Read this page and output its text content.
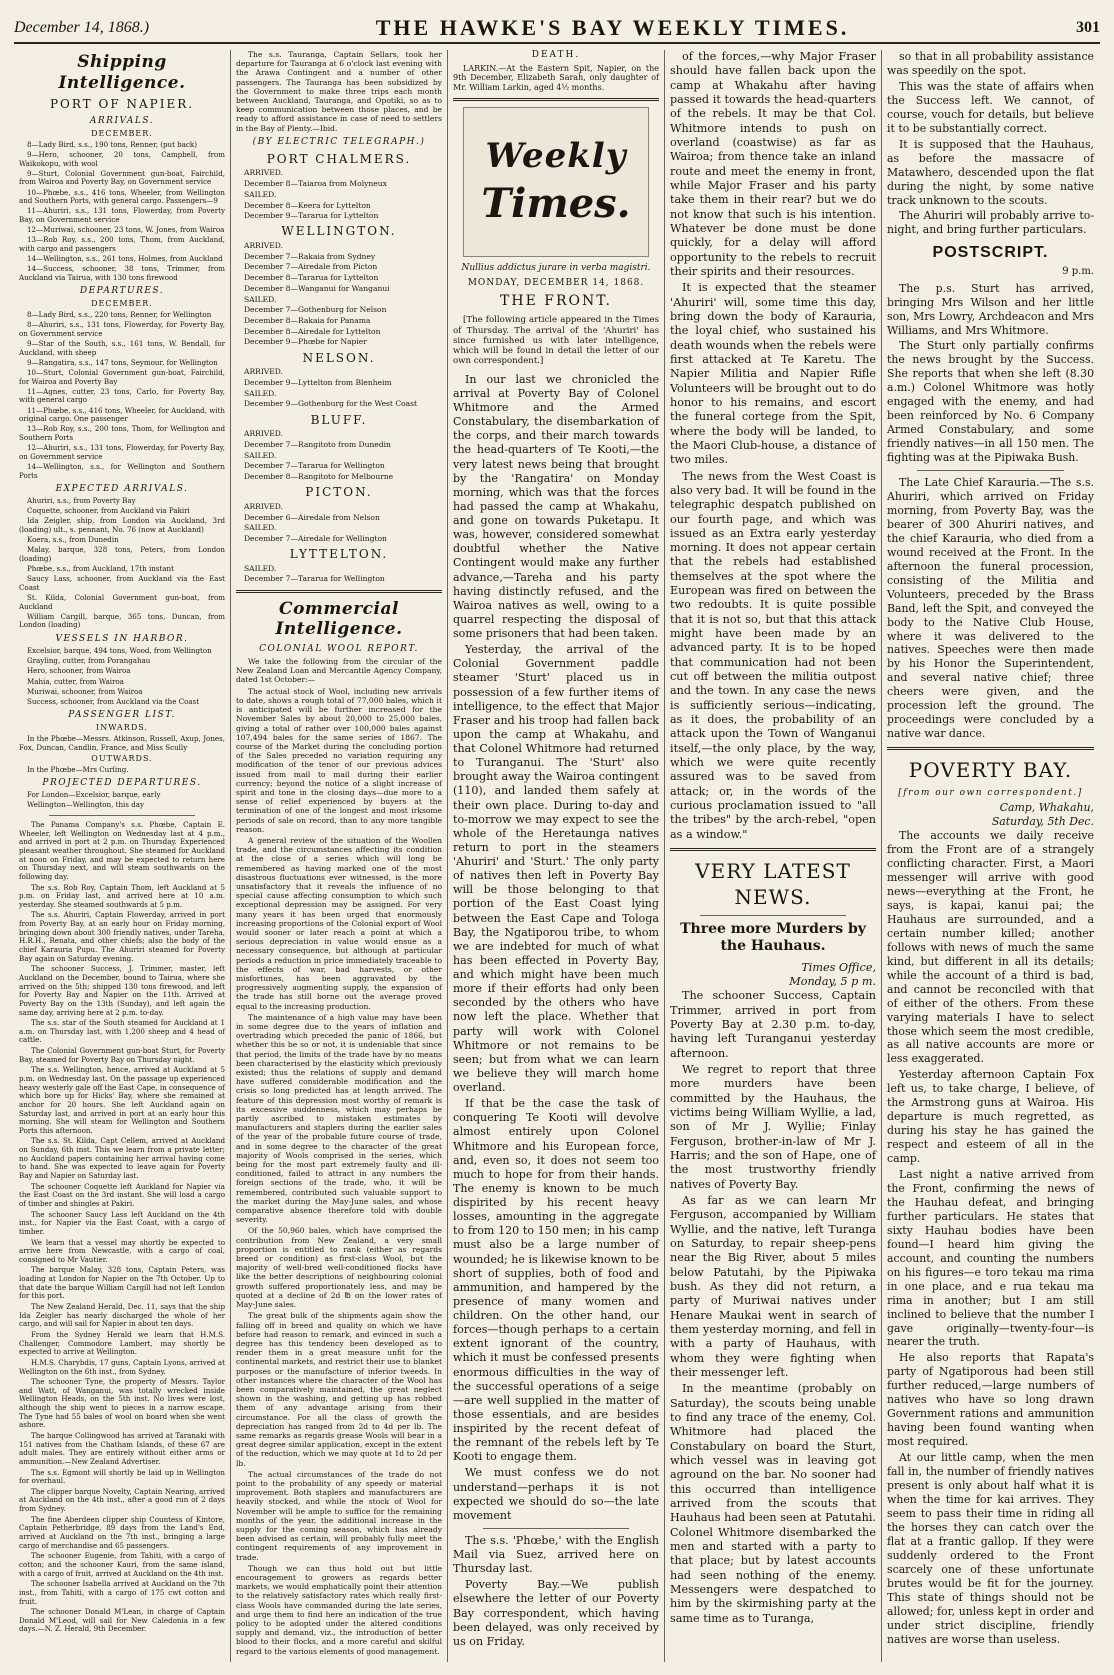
December 14, 1868.)	THE HAWKE'S BAY WEEKLY TIMES.	301
Shipping Intelligence.
PORT OF NAPIER.
ARRIVALS.
DECEMBER.

8—Lady Bird, s.s., 190 tons, Renner, (put back)

9—Hero, schooner, 20 tons, Campbell, from Waikokopu, with wool

9—Sturt, Colonial Government gun-boat, Fairchild, from Wairoa and Poverty Bay, on Government service

10—Phœbe, s.s., 416 tons, Wheeler, from Wellington and Southern Ports, with general cargo. Passengers—9

11—Ahuriri, s.s., 131 tons, Flowerday, from Poverty Bay, on Government service

12—Muriwai, schooner, 23 tons, W. Jones, from Wairoa

13—Rob Roy, s.s., 200 tons, Thom, from Auckland, with cargo and passengers

14—Wellington, s.s., 261 tons, Holmes, from Auckland

14—Success, schooner, 38 tons, Trimmer, from Auckland via Tairua, with 130 tons firewood

DEPARTURES.
DECEMBER.

8—Lady Bird, s.s., 220 tons, Renner, for Wellington

8—Ahuriri, s.s., 131 tons, Flowerday, for Poverty Bay, on Government service

9—Star of the South, s.s., 161 tons, W. Bendall, for Auckland, with sheep

9—Rangatira, s.s., 147 tons, Seymour, for Wellington

10—Sturt, Colonial Government gun-boat, Fairchild, for Wairoa and Poverty Bay

11—Agnes, cutter, 23 tons, Carlo, for Poverty Bay, with general cargo

11—Phœbe, s.s., 416 tons, Wheeler, for Auckland, with original cargo. One passenger

13—Rob Roy, s.s., 200 tons, Thom, for Wellington and Southern Ports

12—Ahuriri, s.s., 131 tons, Flowerday, for Poverty Bay, on Government service

14—Wellington, s.s., for Wellington and Southern Ports

EXPECTED ARRIVALS.

Ahuriri, s.s., from Poverty Bay

Coquette, schooner, from Auckland via Pakiri

Ida Zeigler, ship, from London via Auckland, 3rd (loading) ult., s. pennant, No. 76 (now at Auckland)

Koera, s.s., from Dunedin

Malay, barque, 328 tons, Peters, from London (loading)

Phœbe, s.s., from Auckland, 17th instant

Saucy Lass, schooner, from Auckland via the East Coast

St. Kilda, Colonial Government gun-boat, from Auckland

William Cargill, barque, 365 tons, Duncan, from London (loading)

VESSELS IN HARBOR.

Excelsior, barque, 494 tons, Wood, from Wellington

Grayling, cutter, from Porangahau

Hero, schooner, from Wairoa

Mahia, cutter, from Wairoa

Muriwai, schooner, from Wairoa

Success, schooner, from Auckland via the Coast

PASSENGER LIST.
INWARDS.
In the Phœbe—Messrs. Atkinson, Russell, Axup, Jones, Fox, Duncan, Candlin, France, and Miss Scully
OUTWARDS.
In the Phœbe—Mrs Curling.
PROJECTED DEPARTURES.

For London—Excelsior, barque, early

Wellington—Wellington, this day

The Panama Company's s.s. Phœbe, Captain E. Wheeler, left Wellington on Wednesday last at 4 p.m., and arrived in port at 2 p.m. on Thursday. Experienced pleasant weather throughout. She steamed for Auckland at noon on Friday, and may be expected to return here on Thursday next, and will steam southwards on the following day.

The s.s. Rob Roy, Captain Thom, left Auckland at 5 p.m. on Friday last, and arrived here at 10 a.m. yesterday. She steamed southwards at 5 p.m.

The s.s. Ahuriri, Captain Flowerday, arrived in port from Poverty Bay, at an early hour on Friday morning, bringing down about 300 friendly natives, under Tareha, H.R.H., Renata, and other chiefs; also the body of the chief Karauria Pupu. The Ahuriri steamed for Poverty Bay again on Saturday evening.

The schooner Success, J. Trimmer, master, left Auckland on the December, bound to Tairua, where she arrived on the 5th; shipped 130 tons firewood, and left for Poverty Bay and Napier on the 11th. Arrived at Poverty Bay on the 13th (Sunday), and left again the same day, arriving here at 2 p.m. to-day.

The s.s. star of the South steamed for Auckland at 1 a.m. on Thursday last, with 1,200 sheep and 4 head of cattle.

The Colonial Government gun-boat Sturt, for Poverty Bay, steamed for Poverty Bay on Thursday night.

The s.s. Wellington, hence, arrived at Auckland at 5 p.m. on Wednesday last. On the passage up experienced heavy westerly gale off the East Cape, in consequence of which bore up for Hicks' Bay, where she remained at anchor for 20 hours. She left Auckland again on Saturday last, and arrived in port at an early hour this morning. She will steam for Wellington and Southern Ports this afternoon.

The s.s. St. Kilda, Capt Cellem, arrived at Auckland on Sunday, 6th inst. This we learn from a private letter; no Auckland papers containing her arrival having come to hand. She was expected to leave again for Poverty Bay and Napier on Saturday last.

The schooner Coquette left Auckland for Napier via the East Coast on the 3rd instant. She will load a cargo of timber and shingles at Pakiri.

The schooner Saucy Lass left Auckland on the 4th inst., for Napier via the East Coast, with a cargo of timber.

We learn that a vessel may shortly be expected to arrive here from Newcastle, with a cargo of coal, consigned to Mr Vautier.

The barque Malay, 328 tons, Captain Peters, was loading at London for Napier on the 7th October. Up to that date the barque William Cargill had not left London for this port.

The New Zealand Herald, Dec. 11, says that the ship Ida Zeigler has nearly discharged the whole of her cargo, and will sail for Napier in about ten days.

From the Sydney Herald we learn that H.M.S. Challenger, Commodore Lambert, may shortly be expected to arrive at Wellington.

H.M.S. Charybdis, 17 guns, Captain Lyons, arrived at Wellington on the 6th inst., from Sydney.

The schooner Tyne, the property of Messrs. Taylor and Watt, of Wanganui, was totally wrecked inside Wellington Heads, on the 5th inst. No lives were lost, although the ship went to pieces in a narrow escape. The Tyne had 55 bales of wool on board when she went ashore.

The barque Collingwood has arrived at Taranaki with 151 natives from the Chatham Islands, of these 67 are adult males. They are entirely without either arms or ammunition.—New Zealand Advertiser.

The s.s. Egmont will shortly be laid up in Wellington for overhaul.

The clipper barque Novelty, Captain Nearing, arrived at Auckland on the 4th inst., after a good run of 2 days from Sydney.

The fine Aberdeen clipper ship Countess of Kintore, Captain Petherbridge, 89 days from the Land's End, arrived at Auckland on the 7th inst., bringing a large cargo of merchandise and 65 passengers.

The schooner Eugenie, from Tahiti, with a cargo of cotton; and the schooner Kauri, from the same island, with a cargo of fruit, arrived at Auckland on the 4th inst.

The schooner Isabella arrived at Auckland on the 7th inst., from Tahiti, with a cargo of 175 cwt cotton and fruit.

The schooner Donald M'Lean, in charge of Captain Donald M'Leod, will sail for New Caledonia in a few days.—N. Z. Herald, 9th December.

The s.s. Tauranga, Captain Sellars, took her departure for Tauranga at 6 o'clock last evening with the Arawa Contingent and a number of other passengers. The Tauranga has been subsidized by the Government to make three trips each month between Auckland, Tauranga, and Opotiki, so as to keep communication between those places, and be ready to afford assistance in case of need to settlers in the Bay of Plenty.—Ibid.

(BY ELECTRIC TELEGRAPH.)
PORT CHALMERS.

ARRIVED.

December 8—Taiaroa from Molyneux

SAILED.

December 8—Keera for Lyttelton

December 9—Tararua for Lyttelton

WELLINGTON.

ARRIVED.

December 7—Rakaia from Sydney

December 7—Airedale from Picton

December 8—Tararua for Lyttelton

December 8—Wanganui for Wanganui

SAILED.

December 7—Gothenburg for Nelson

December 8—Rakaia for Panama

December 8—Airedale for Lyttelton

December 9—Phœbe for Napier

NELSON.

ARRIVED.

December 9—Lyttelton from Blenheim

SAILED.

December 9—Gothenburg for the West Coast

BLUFF.

ARRIVED.

December 7—Rangitoto from Dunedin

SAILED.

December 7—Tararua for Wellington

December 8—Rangitoto for Melbourne

PICTON.

ARRIVED.

December 6—Airedale from Nelson

SAILED.

December 7—Airedale for Wellington

LYTTELTON.

SAILED.

December 7—Tararua for Wellington

Commercial Intelligence.
COLONIAL WOOL REPORT.

We take the following from the circular of the New Zealand Loan and Mercantile Agency Company, dated 1st October:—

The actual stock of Wool, including new arrivals to date, shows a rough total of 77,000 bales, which it is anticipated will be further increased for the November Sales by about 20,000 to 25,000 bales, giving a total of rather over 100,000 bales against 107,494 bales for the same series of 1867. The course of the Market during the concluding portion of the Sales preceded no variation requiring any modification of the tenor of our previous advices issued from mail to mail during their earlier currency; beyond the notice of a slight increase of spirit and tone in the closing days—due more to a sense of relief experienced by buyers at the termination of one of the longest and most irksome periods of sale on record, than to any more tangible reason.

A general review of the situation of the Woollen trade, and the circumstances affecting its condition at the close of a series which will long be remembered as having marked one of the most disastrous fluctuations ever witnessed, is the more unsatisfactory that it reveals the influence of no special cause affecting consumption to which such exceptional depression may be assigned. For very many years it has been urged that enormously increasing proportions of the Colonial export of Wool would sooner or later reach a point at which a serious depreciation in value would ensue as a necessary consequence, but although at particular periods a reduction in price immediately traceable to the effects of war, bad harvests, or other misfortunes, has been aggravated by the progressively augmenting supply, the expansion of the trade has still borne out the average proved equal to the increasing production.

The maintenance of a high value may have been in some degree due to the years of inflation and overtrading which preceded the panic of 1866, but whether this be so or not, it is undeniable that since that period, the limits of the trade have by no means been characterised by the elasticity which previously existed; thus the relations of supply and demand have suffered considerable modification and the crisis so long predicted has at length arrived. The feature of this depression most worthy of remark is its excessive suddenness, which may perhaps be partly ascribed to mistaken estimates by manufacturers and staplers during the earlier sales of the year of the probable future course of trade, and in some degree to the character of the great majority of Wools comprised in the series, which being for the most part extremely faulty and ill-conditioned, failed to attract in any numbers the foreign sections of the trade, who, it will be remembered, contributed such valuable support to the market during the May-June sales, and whose comparative absence therefore told with double severity.

Of the 50,960 bales, which have comprised the contribution from New Zealand, a very small proportion is entitled to rank (either as regards breed or condition) as first-class Wool, but the majority of well-bred well-conditioned flocks have like the better descriptions of neighbouring colonial growth suffered proportionately less, and may be quoted at a decline of 2d ℔ on the lower rates of May-June sales.

The great bulk of the shipments again show the falling off in breed and quality on which we have before had reason to remark, and evinced in such a degree has this tendency been developed as to render them in a great measure unfit for the continental markets, and restrict their use to blanket purposes or the manufacture of inferior tweeds. In other instances where the character of the Wool has been comparatively maintained, the great neglect shown in the washing, and getting up has robbed them of any advantage arising from their circumstance. For all the class of growth the depreciation has ranged from 2d to 4d per lb. The same remarks as regards grease Wools will bear in a great degree similar application, except in the extent of the reduction, which we may quote at 1d to 2d per lb.

The actual circumstances of the trade do not point to the probability of any speedy or material improvement. Both staplers and manufacturers are heavily stocked, and while the stock of Wool for November will be ample to suffice for the remaining months of the year, the additional increase in the supply for the coming season, which has already been advised as certain, will probably fully meet the contingent requirements of any improvement in trade.

Though we can thus hold out but little encouragement to growers as regards better markets, we would emphatically point their attention to the relatively satisfactory rates which really first-class Wools have commanded during the late series, and urge them to find here an indication of the true policy to be adopted under the altered conditions supply and demand, viz., the introduction of better blood to their flocks, and a more careful and skilful regard to the various elements of good management.

DEATH.

LARKIN.—At the Eastern Spit, Napier, on the 9th December, Elizabeth Sarah, only daughter of Mr. William Larkin, aged 4½ months.

Weekly
Times.
Nullius addictus jurare in verba magistri.
MONDAY, DECEMBER 14, 1868.
THE FRONT.

[The following article appeared in the Times of Thursday. The arrival of the 'Ahuriri' has since furnished us with later intelligence, which will be found in detail the letter of our own correspondent.]

In our last we chronicled the arrival at Poverty Bay of Colonel Whitmore and the Armed Constabulary, the disembarkation of the corps, and their march towards the head-quarters of Te Kooti,—the very latest news being that brought by the 'Rangatira' on Monday morning, which was that the forces had passed the camp at Whakahu, and gone on towards Puketapu. It was, however, considered somewhat doubtful whether the Native Contingent would make any further advance,—Tareha and his party having distinctly refused, and the Wairoa natives as well, owing to a quarrel respecting the disposal of some prisoners that had been taken.

Yesterday, the arrival of the Colonial Government paddle steamer 'Sturt' placed us in possession of a few further items of intelligence, to the effect that Major Fraser and his troop had fallen back upon the camp at Whakahu, and that Colonel Whitmore had returned to Turanganui. The 'Sturt' also brought away the Wairoa contingent (110), and landed them safely at their own place. During to-day and to-morrow we may expect to see the whole of the Heretaunga natives return to port in the steamers 'Ahuriri' and 'Sturt.' The only party of natives then left in Poverty Bay will be those belonging to that portion of the East Coast lying between the East Cape and Tologa Bay, the Ngatiporou tribe, to whom we are indebted for much of what has been effected in Poverty Bay, and which might have been much more if their efforts had only been seconded by the others who have now left the place. Whether that party will work with Colonel Whitmore or not remains to be seen; but from what we can learn we believe they will march home overland.

If that be the case the task of conquering Te Kooti will devolve almost entirely upon Colonel Whitmore and his European force, and, even so, it does not seem too much to hope for from their hands. The enemy is known to be much dispirited by his recent heavy losses, amounting in the aggregate to from 120 to 150 men; in his camp must also be a large number of wounded; he is likewise known to be short of supplies, both of food and ammunition, and hampered by the presence of many women and children. On the other hand, our forces—though perhaps to a certain extent ignorant of the country, which it must be confessed presents enormous difficulties in the way of the successful operations of a seige—are well supplied in the matter of those essentials, and are besides inspirited by the recent defeat of the remnant of the rebels left by Te Kooti to engage them.

We must confess we do not understand—perhaps it is not expected we should do so—the late movement

The s.s. 'Phœbe,' with the English Mail via Suez, arrived here on Thursday last.

Poverty Bay.—We publish elsewhere the letter of our Poverty Bay correspondent, which having been delayed, was only received by us on Friday.

of the forces,—why Major Fraser should have fallen back upon the camp at Whakahu after having passed it towards the head-quarters of the rebels. It may be that Col. Whitmore intends to push on overland (coastwise) as far as Wairoa; from thence take an inland route and meet the enemy in front, while Major Fraser and his party take them in their rear? but we do not know that such is his intention. Whatever be done must be done quickly, for a delay will afford opportunity to the rebels to recruit their spirits and their resources.

It is expected that the steamer 'Ahuriri' will, some time this day, bring down the body of Karauria, the loyal chief, who sustained his death wounds when the rebels were first attacked at Te Karetu. The Napier Militia and Napier Rifle Volunteers will be brought out to do honor to his remains, and escort the funeral cortege from the Spit, where the body will be landed, to the Maori Club-house, a distance of two miles.

The news from the West Coast is also very bad. It will be found in the telegraphic despatch published on our fourth page, and which was issued as an Extra early yesterday morning. It does not appear certain that the rebels had established themselves at the spot where the European was fired on between the two redoubts. It is quite possible that it is not so, but that this attack might have been made by an advanced party. It is to be hoped that communication had not been cut off between the militia outpost and the town. In any case the news is sufficiently serious—indicating, as it does, the probability of an attack upon the Town of Wanganui itself,—the only place, by the way, which we were quite recently assured was to be saved from attack; or, in the words of the curious proclamation issued to "all the tribes" by the arch-rebel, "open as a window."

VERY LATEST NEWS.
Three more Murders by the Hauhaus.
Times Office,
Monday, 5 p m.

The schooner Success, Captain Trimmer, arrived in port from Poverty Bay at 2.30 p.m. to-day, having left Turanganui yesterday afternoon.

We regret to report that three more murders have been committed by the Hauhaus, the victims being William Wyllie, a lad, son of Mr J. Wyllie; Finlay Ferguson, brother-in-law of Mr J. Harris; and the son of Hape, one of the most trustworthy friendly natives of Poverty Bay.

As far as we can learn Mr Ferguson, accompanied by William Wyllie, and the native, left Turanga on Saturday, to repair sheep-pens near the Big River, about 5 miles below Patutahi, by the Pipiwaka bush. As they did not return, a party of Muriwai natives under Henare Maukai went in search of them yesterday morning, and fell in with a party of Hauhaus, with whom they were fighting when their messenger left.

In the meantime (probably on Saturday), the scouts being unable to find any trace of the enemy, Col. Whitmore had placed the Constabulary on board the Sturt, which vessel was in leaving got aground on the bar. No sooner had this occurred than intelligence arrived from the scouts that Hauhaus had been seen at Patutahi. Colonel Whitmore disembarked the men and started with a party to that place; but by latest accounts had seen nothing of the enemy. Messengers were despatched to him by the skirmishing party at the same time as to Turanga,

so that in all probability assistance was speedily on the spot.

This was the state of affairs when the Success left. We cannot, of course, vouch for details, but believe it to be substantially correct.

It is supposed that the Hauhaus, as before the massacre of Matawhero, descended upon the flat during the night, by some native track unknown to the scouts.

The Ahuriri will probably arrive to-night, and bring further particulars.

POSTSCRIPT.
9 p.m.

The p.s. Sturt has arrived, bringing Mrs Wilson and her little son, Mrs Lowry, Archdeacon and Mrs Williams, and Mrs Whitmore.

The Sturt only partially confirms the news brought by the Success. She reports that when she left (8.30 a.m.) Colonel Whitmore was hotly engaged with the enemy, and had been reinforced by No. 6 Company Armed Constabulary, and some friendly natives—in all 150 men. The fighting was at the Pipiwaka Bush.

The Late Chief Karauria.—The s.s. Ahuriri, which arrived on Friday morning, from Poverty Bay, was the bearer of 300 Ahuriri natives, and the chief Karauria, who died from a wound received at the Front. In the afternoon the funeral procession, consisting of the Militia and Volunteers, preceded by the Brass Band, left the Spit, and conveyed the body to the Native Club House, where it was delivered to the natives. Speeches were then made by his Honor the Superintendent, and several native chief; three cheers were given, and the procession left the ground. The proceedings were concluded by a native war dance.

POVERTY BAY.
[from our own correspondent.]
Camp, Whakahu,
Saturday, 5th Dec.

The accounts we daily receive from the Front are of a strangely conflicting character. First, a Maori messenger will arrive with good news—everything at the Front, he says, is kapai, kanui pai; the Hauhaus are surrounded, and a certain number killed; another follows with news of much the same kind, but different in all its details; while the account of a third is bad, and cannot be reconciled with that of either of the others. From these varying materials I have to select those which seem the most credible, as all native accounts are more or less exaggerated.

Yesterday afternoon Captain Fox left us, to take charge, I believe, of the Armstrong guns at Wairoa. His departure is much regretted, as during his stay he has gained the respect and esteem of all in the camp.

Last night a native arrived from the Front, confirming the news of the Hauhau defeat, and bringing further particulars. He states that sixty Hauhau bodies have been found—I heard him giving the account, and counting the numbers on his figures—e toro tekau ma rima in one place, and e rua tekau ma rima in another; but I am still inclined to believe that the number I gave originally—twenty-four—is nearer the truth.

He also reports that Rapata's party of Ngatiporous had been still further reduced,—large numbers of natives who have so long drawn Government rations and ammunition having been found wanting when most required.

At our little camp, when the men fall in, the number of friendly natives present is only about half what it is when the time for kai arrives. They seem to pass their time in riding all the horses they can catch over the flat at a frantic gallop. If they were suddenly ordered to the Front scarcely one of these unfortunate brutes would be fit for the journey. This state of things should not be allowed; for, unless kept in order and under strict discipline, friendly natives are worse than useless.
